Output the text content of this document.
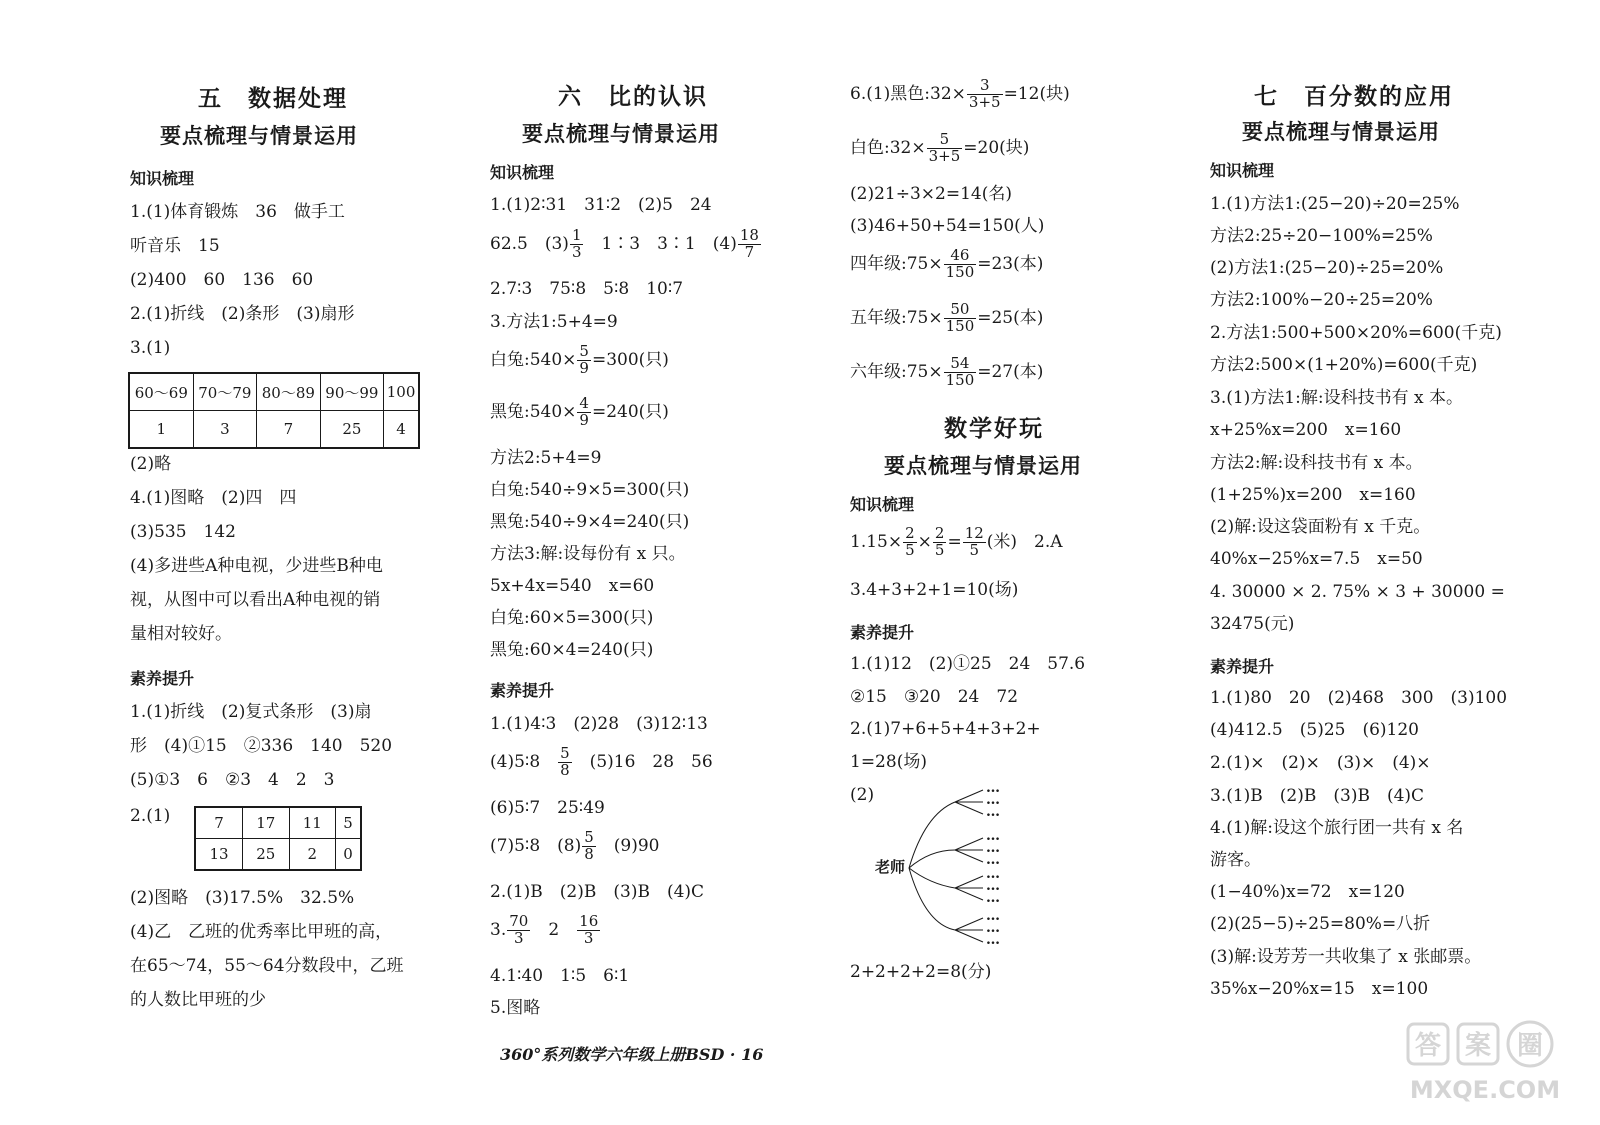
五　数据处理
要点梳理与情景运用
知识梳理
1.(1)体育锻炼　36　做手工
听音乐　15
(2)400　60　136　60
2.(1)折线　(2)条形　(3)扇形
3.(1)
60～69	70～79	80～89	90～99	100
1	3	7	25	4
(2)略
4.(1)图略　(2)四　四
(3)535　142
(4)多进些A种电视，少进些B种电
视，从图中可以看出A种电视的销
量相对较好。
素养提升
1.(1)折线　(2)复式条形　(3)扇
形　(4)①15　②336　140　520
(5)①3　6　②3　4　2　3
2.(1)	7	17	11	5
13	25	2	0
(2)图略　(3)17.5%　32.5%
(4)乙　乙班的优秀率比甲班的高，
在65～74，55～64分数段中，乙班
的人数比甲班的少
六　比的认识
要点梳理与情景运用
知识梳理
1.(1)2∶31　31∶2　(2)5　24
62.5　$(3) \frac{1}{3}$ 　1∶3　3∶1　$(4) \frac{18}{7}$
2.7∶3　75∶8　5∶8　10∶7
3.方法1:5+4=9
白兔:540× $\frac{5}{9} =300$(只)
黑兔:540× $\frac{4}{9} =240$(只)
方法2:5+4=9
白兔:540÷9×5=300(只)
黑兔:540÷9×4=240(只)
方法3:解:设每份有 x 只。
5x+4x=540　x=60
白兔:60×5=300(只)
黑兔:60×4=240(只)
素养提升
1.(1)4∶3　(2)28　(3)12∶13
(4)5∶8　 $\frac{5}{8}$ 　(5)16　28　56
(6)5∶7　25∶49
(7)5∶8　$(8) \frac{5}{8}$ 　(9)90
2.(1)B　(2)B　(3)B　(4)C
3. $\frac{70}{3}$ 　2　 $\frac{16}{3}$
4.1∶40　1∶5　6∶1
5.图略
6.(1)黑色:32× $\frac{3}{3+5} =12$(块)
白色:32× $\frac{5}{3+5} =20$(块)
(2)21÷3×2=14(名)
(3)46+50+54=150(人)
四年级:75× $\frac{46}{150} =23$(本)
五年级:75× $\frac{50}{150} =25$(本)
六年级:75× $\frac{54}{150} =27$(本)
数学好玩
要点梳理与情景运用
知识梳理
$1.15\times \frac{2}{5} \times \frac{2}{5} = \frac{12}{5}$ (米)　2.A
3.4+3+2+1=10(场)
素养提升
1.(1)12　(2)①25　24　57.6
②15　③20　24　72
2.(1)7+6+5+4+3+2+
1=28(场)
(2)
老师
…
…
…
…
…
…
…
…
…
…
…
…
2+2+2+2=8(分)
七　百分数的应用
要点梳理与情景运用
知识梳理
1.(1)方法1:(25−20)÷20=25%
方法2:25÷20−100%=25%
(2)方法1:(25−20)÷25=20%
方法2:100%−20÷25=20%
2.方法1:500+500×20%=600(千克)
方法2:500×(1+20%)=600(千克)
3.(1)方法1:解:设科技书有 x 本。
x+25%x=200　x=160
方法2:解:设科技书有 x 本。
(1+25%)x=200　x=160
(2)解:设这袋面粉有 x 千克。
40%x−25%x=7.5　x=50
4. 30000 × 2. 75% × 3 + 30000 =
32475(元)
素养提升
1.(1)80　20　(2)468　300　(3)100
(4)412.5　(5)25　(6)120
2.(1)×　(2)×　(3)×　(4)×
3.(1)B　(2)B　(3)B　(4)C
4.(1)解:设这个旅行团一共有 x 名
游客。
(1−40%)x=72　x=120
(2)(25−5)÷25=80%=八折
(3)解:设芳芳一共收集了 x 张邮票。
35%x−20%x=15　x=100
360°系列数学六年级上册BSD · 16	答 案 圈
MXQE.COM
